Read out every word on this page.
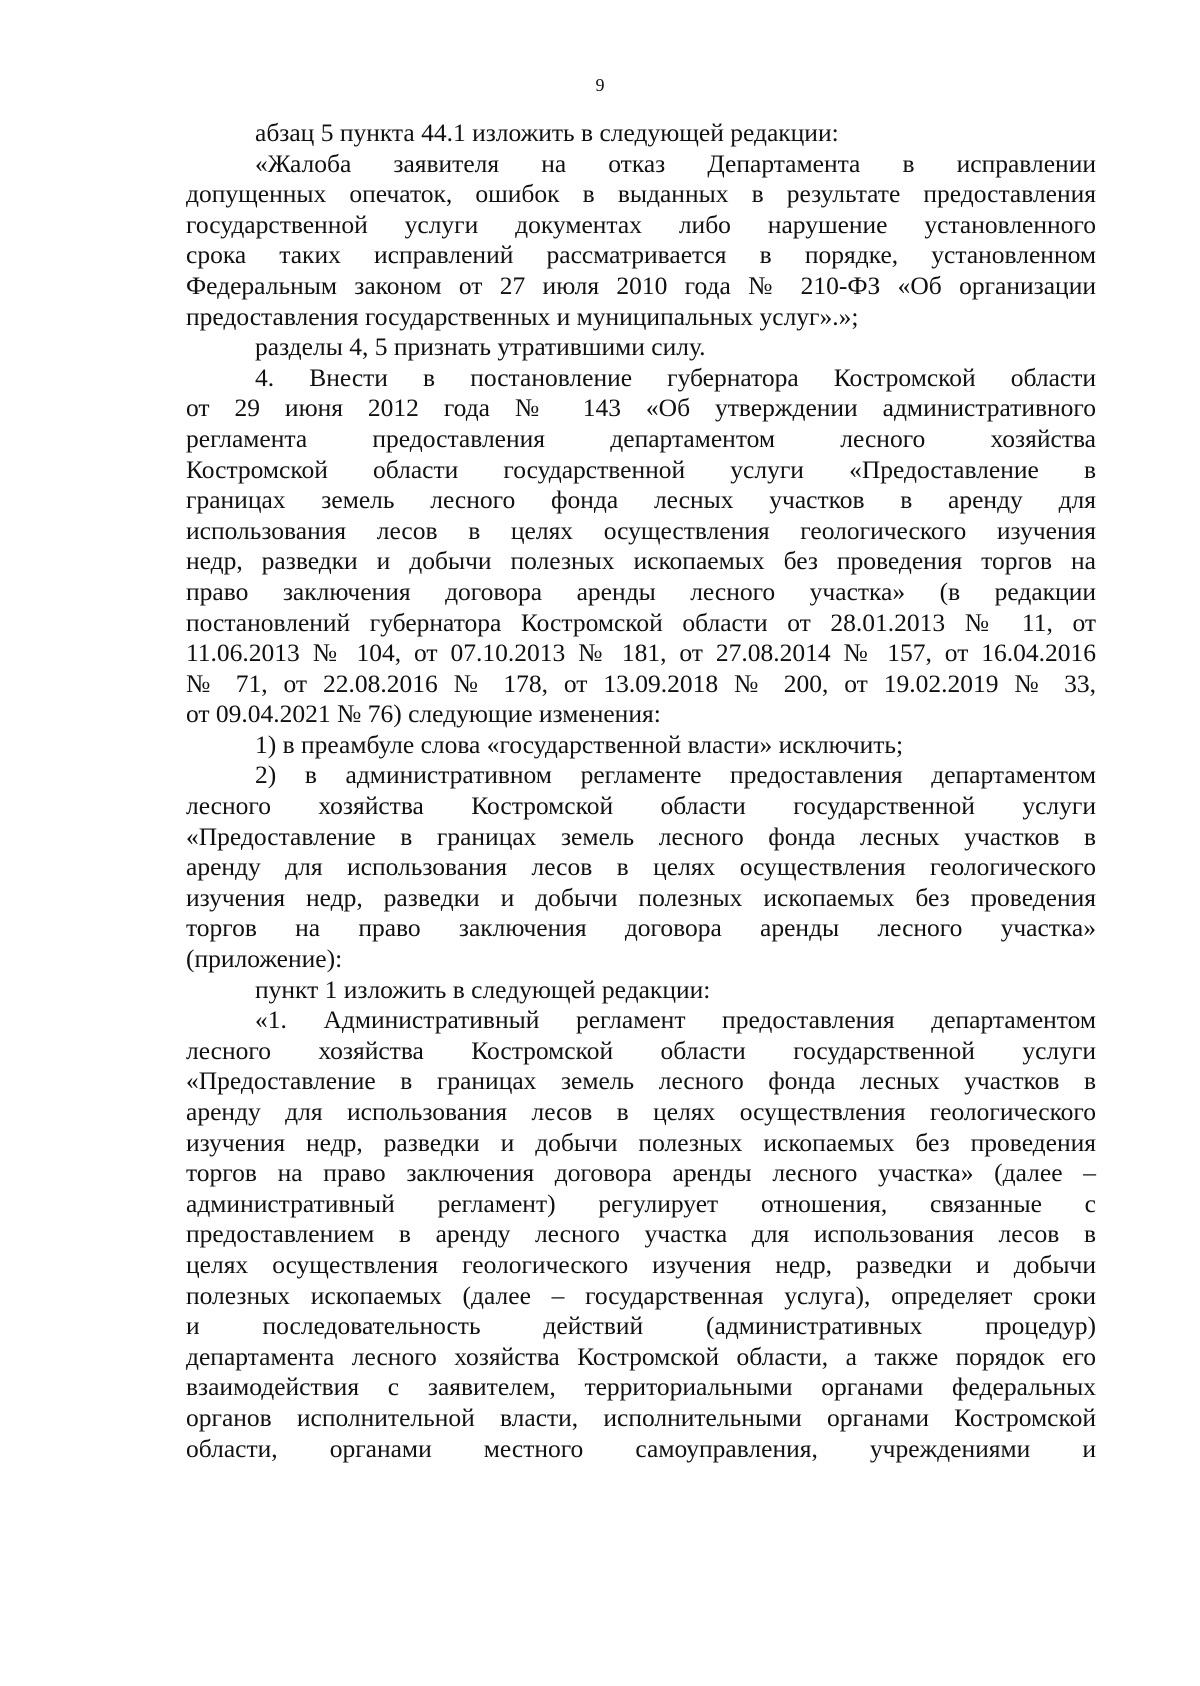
9
абзац 5 пункта 44.1 изложить в следующей редакции:
«Жалоба заявителя на отказ Департамента в исправлении
допущенных опечаток, ошибок в выданных в результате предоставления
государственной услуги документах либо нарушение установленного
срока таких исправлений рассматривается в порядке, установленном
Федеральным законом от 27 июля 2010 года № 210-ФЗ «Об организации
предоставления государственных и муниципальных услуг».»;
разделы 4, 5 признать утратившими силу.
4. Внести в постановление губернатора Костромской области
от 29 июня 2012 года № 143 «Об утверждении административного
регламента предоставления департаментом лесного хозяйства
Костромской области государственной услуги «Предоставление в
границах земель лесного фонда лесных участков в аренду для
использования лесов в целях осуществления геологического изучения
недр, разведки и добычи полезных ископаемых без проведения торгов на
право заключения договора аренды лесного участка» (в редакции
постановлений губернатора Костромской области от 28.01.2013 № 11, от
11.06.2013 № 104, от 07.10.2013 № 181, от 27.08.2014 № 157, от 16.04.2016
№ 71, от 22.08.2016 № 178, от 13.09.2018 № 200, от 19.02.2019 № 33,
от 09.04.2021 № 76) следующие изменения:
1) в преамбуле слова «государственной власти» исключить;
2) в административном регламенте предоставления департаментом
лесного хозяйства Костромской области государственной услуги
«Предоставление в границах земель лесного фонда лесных участков в
аренду для использования лесов в целях осуществления геологического
изучения недр, разведки и добычи полезных ископаемых без проведения
торгов на право заключения договора аренды лесного участка»
(приложение):
пункт 1 изложить в следующей редакции:
«1. Административный регламент предоставления департаментом
лесного хозяйства Костромской области государственной услуги
«Предоставление в границах земель лесного фонда лесных участков в
аренду для использования лесов в целях осуществления геологического
изучения недр, разведки и добычи полезных ископаемых без проведения
торгов на право заключения договора аренды лесного участка» (далее –
административный регламент) регулирует отношения, связанные с
предоставлением в аренду лесного участка для использования лесов в
целях осуществления геологического изучения недр, разведки и добычи
полезных ископаемых (далее – государственная услуга), определяет сроки
и последовательность действий (административных процедур)
департамента лесного хозяйства Костромской области, а также порядок его
взаимодействия с заявителем, территориальными органами федеральных
органов исполнительной власти, исполнительными органами Костромской
области, органами местного самоуправления, учреждениями и
